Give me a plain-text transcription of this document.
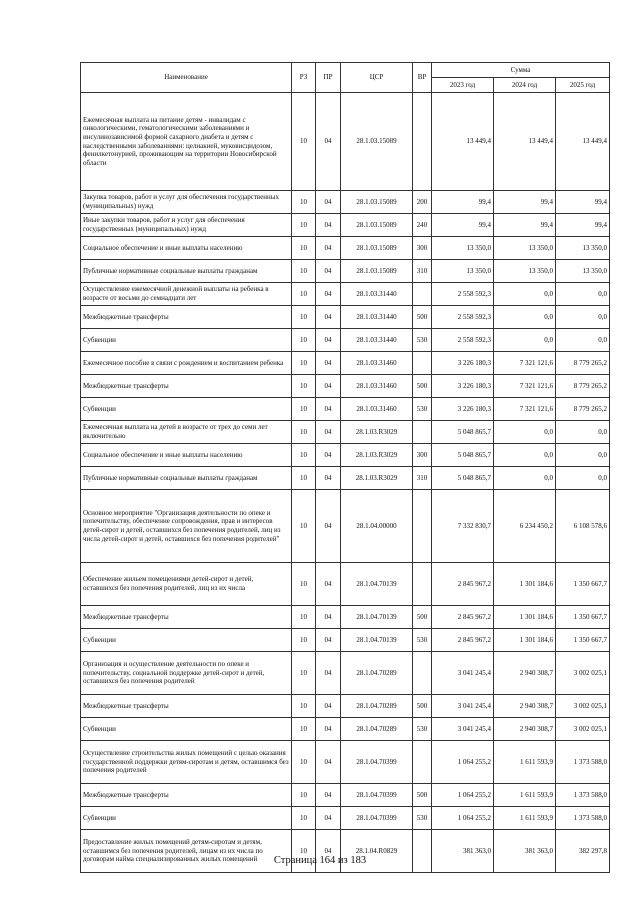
Наименование	РЗ	ПР	ЦСР	ВР	Сумма		
					2023 год	2024 год	2025 год
Ежемесячная выплата на питание детям - инвалидам с онкологическими, гематологическими заболеваниями и инсулинозависимой формой сахарного диабета и детям с наследственными заболеваниями: целиакией, муковисцидозом, фенилкетонурией, проживающим на территории Новосибирской области	10	04	28.1.03.15089		13 449,4	13 449,4	13 449,4
Закупка товаров, работ и услуг для обеспечения государственных (муниципальных) нужд	10	04	28.1.03.15089	200	99,4	99,4	99,4
Иные закупки товаров, работ и услуг для обеспечения государственных (муниципальных) нужд	10	04	28.1.03.15089	240	99,4	99,4	99,4
Социальное обеспечение и иные выплаты населению	10	04	28.1.03.15089	300	13 350,0	13 350,0	13 350,0
Публичные нормативные социальные выплаты гражданам	10	04	28.1.03.15089	310	13 350,0	13 350,0	13 350,0
Осуществление ежемесячной денежной выплаты на ребенка в возрасте от восьми до семнадцати лет	10	04	28.1.03.31440		2 558 592,3	0,0	0,0
Межбюджетные трансферты	10	04	28.1.03.31440	500	2 558 592,3	0,0	0,0
Субвенции	10	04	28.1.03.31440	530	2 558 592,3	0,0	0,0
Ежемесячное пособие в связи с рождением и воспитанием ребенка	10	04	28.1.03.31460		3 226 180,3	7 321 121,6	8 779 265,2
Межбюджетные трансферты	10	04	28.1.03.31460	500	3 226 180,3	7 321 121,6	8 779 265,2
Субвенции	10	04	28.1.03.31460	530	3 226 180,3	7 321 121,6	8 779 265,2
Ежемесячная выплата на детей в возрасте от трех до семи лет включительно	10	04	28.1.03.R3029		5 048 865,7	0,0	0,0
Социальное обеспечение и иные выплаты населению	10	04	28.1.03.R3029	300	5 048 865,7	0,0	0,0
Публичные нормативные социальные выплаты гражданам	10	04	28.1.03.R3029	310	5 048 865,7	0,0	0,0
Основное мероприятие "Организация деятельности по опеке и попечительству, обеспечение сопровождения, прав и интересов детей-сирот и детей, оставшихся без попечения родителей, лиц из числа детей-сирот и детей, оставшихся без попечения родителей"	10	04	28.1.04.00000		7 332 830,7	6 234 450,2	6 108 578,6
Обеспечение жильем помещениями детей-сирот и детей, оставшихся без попечения родителей, лиц из их числа	10	04	28.1.04.70139		2 845 967,2	1 301 184,6	1 350 667,7
Межбюджетные трансферты	10	04	28.1.04.70139	500	2 845 967,2	1 301 184,6	1 350 667,7
Субвенции	10	04	28.1.04.70139	530	2 845 967,2	1 301 184,6	1 350 667,7
Организация и осуществление деятельности по опеке и попечительству, социальной поддержке детей-сирот и детей, оставшихся без попечения родителей	10	04	28.1.04.70289		3 041 245,4	2 940 308,7	3 002 025,1
Межбюджетные трансферты	10	04	28.1.04.70289	500	3 041 245,4	2 940 308,7	3 002 025,1
Субвенции	10	04	28.1.04.70289	530	3 041 245,4	2 940 308,7	3 002 025,1
Осуществление строительства жилых помещений с целью оказания государственной поддержки детям-сиротам и детям, оставшимся без попечения родителей	10	04	28.1.04.70399		1 064 255,2	1 611 593,9	1 373 588,0
Межбюджетные трансферты	10	04	28.1.04.70399	500	1 064 255,2	1 611 593,9	1 373 588,0
Субвенции	10	04	28.1.04.70399	530	1 064 255,2	1 611 593,9	1 373 588,0
Предоставление жилых помещений детям-сиротам и детям, оставшимся без попечения родителей, лицам из их числа по договорам найма специализированных жилых помещений	10	04	28.1.04.R0829		381 363,0	381 363,0	382 297,8
Страница 164 из 183
